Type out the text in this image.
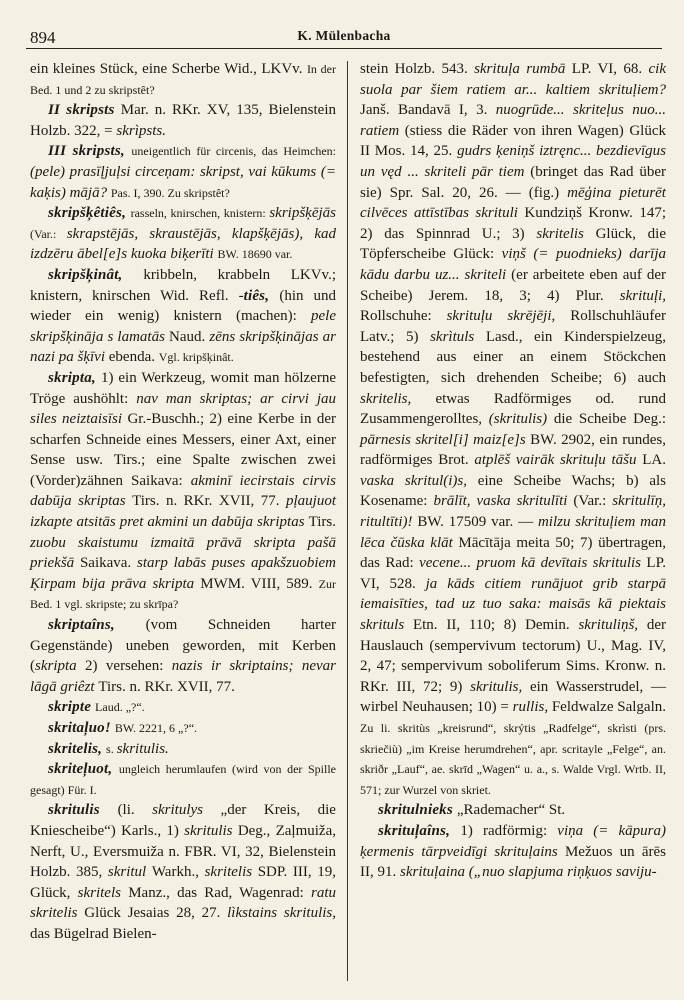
894	K. Mülenbacha

ein kleines Stück, eine Scherbe Wid., LKVv. In der Bed. 1 und 2 zu skripstêt?

II skripsts Mar. n. RKr. XV, 135, Bielenstein Holzb. 322, = skrìpsts.

III skripsts, uneigentlich für circenis, das Heimchen: (pele) prasīļjuļsi circeņam: skripst, vai kūkums (= kaķis) mājā? Pas. I, 390. Zu skripstêt?

skripšķêtiês, rasseln, knirschen, knistern: skripšķējās (Var.: skrapstējās, skraustējās, klapšķējās), kad izdzēru ābel[e]s kuoka biķerīti BW. 18690 var.

skripšķinât, kribbeln, krabbeln LKVv.; knistern, knirschen Wid. Refl. -tiês, (hin und wieder ein wenig) knistern (machen): pele skripšķināja s lamatās Naud. zēns skripšķinājas ar nazi pa šķīvi ebenda. Vgl. kripšķinât.

skripta, 1) ein Werkzeug, womit man hölzerne Tröge aushöhlt: nav man skriptas; ar cirvi jau siles neiztaisīsi Gr.-Buschh.; 2) eine Kerbe in der scharfen Schneide eines Messers, einer Axt, einer Sense usw. Tirs.; eine Spalte zwischen zwei (Vorder)zähnen Saikava: akminī iecirstais cirvis dabūja skriptas Tirs. n. RKr. XVII, 77. pļaujuot izkapte atsitās pret akmini un dabūja skriptas Tirs. zuobu skaistumu izmaitā prāvā skripta pašā priekšā Saikava. starp labās puses apakšzuobiem Ķirpam bija prāva skripta MWM. VIII, 589. Zur Bed. 1 vgl. skripste; zu skrīpa?

skriptaîns, (vom Schneiden harter Gegenstände) uneben geworden, mit Kerben (skripta 2) versehen: nazis ir skriptains; nevar lāgā griêzt Tirs. n. RKr. XVII, 77.

skripte Laud. „?“.

skritaļuo! BW. 2221, 6 „?“.

skritelis, s. skritulis.

skriteļuot, ungleich herumlaufen (wird von der Spille gesagt) Für. I.

skritulis (li. skritulys „der Kreis, die Kniescheibe“) Karls., 1) skritulis Deg., Zaļmuiža, Nerft, U., Eversmuiža n. FBR. VI, 32, Bielenstein Holzb. 385, skritul Warkh., skritelis SDP. III, 19, Glück, skritels Manz., das Rad, Wagenrad: ratu skritelis Glück Jesaias 28, 27. lìkstains skritulis, das Bügelrad Bielen-

stein Holzb. 543. skrituļa rumbā LP. VI, 68. cik suola par šiem ratiem ar... kaltiem skrituļiem? Janš. Bandavā I, 3. nuogrūde... skriteļus nuo... ratiem (stiess die Räder von ihren Wagen) Glück II Mos. 14, 25. gudrs ķeniņš iztręnc... bezdievīgus un vęd ... skriteli pār tiem (bringet das Rad über sie) Spr. Sal. 20, 26. — (fig.) mēģina pieturēt cilvēces attīstības skrituli Kundziņš Kronw. 147; 2) das Spinnrad U.; 3) skritelis Glück, die Töpferscheibe Glück: viņš (= puodnieks) darīja kādu darbu uz... skriteli (er arbeitete eben auf der Scheibe) Jerem. 18, 3; 4) Plur. skrituļi, Rollschuhe: skrituļu skrējēji, Rollschuhläufer Latv.; 5) skrìtuls Lasd., ein Kinderspielzeug, bestehend aus einer an einem Stöckchen befestigten, sich drehenden Scheibe; 6) auch skritelis, etwas Radförmiges od. rund Zusammengerolltes, (skritulis) die Scheibe Deg.: pārnesis skritel[i] maiz[e]s BW. 2902, ein rundes, radförmiges Brot. atplēš vairāk skrituļu tāšu LA. vaska skritul(i)s, eine Scheibe Wachs; b) als Kosename: brālīt, vaska skritulīti (Var.: skritulīņ, ritultīti)! BW. 17509 var. — milzu skrituļiem man lēca čūska klāt Mācītāja meita 50; 7) übertragen, das Rad: vecene... pruom kā devītais skritulis LP. VI, 528. ja kāds citiem runājuot grib starpā iemaisīties, tad uz tuo saka: maisās kā piektais skrituls Etn. II, 110; 8) Demin. skrituliņš, der Hauslauch (sempervivum tectorum) U., Mag. IV, 2, 47; sempervivum soboliferum Sims. Kronw. n. RKr. III, 72; 9) skritulis, ein Wasserstrudel, — wirbel Neuhausen; 10) = rullis, Feldwalze Salgaln. Zu li. skritùs „kreisrund“, skrýtis „Radfelge“, skrìsti (prs. skriečiù) „im Kreise herumdrehen“, apr. scritayle „Felge“, an. skriðr „Lauf“, ae. skrīd „Wagen“ u. a., s. Walde Vrgl. Wrtb. II, 571; zur Wurzel von skriet.

skritulnieks „Rademacher“ St.

skrituļaîns, 1) radförmig: viņa (= kāpura) ķermenis tārpveidīgi skrituļains Mežuos un ārēs II, 91. skrituļaina („nuo slapjuma riņķuos saviju-
